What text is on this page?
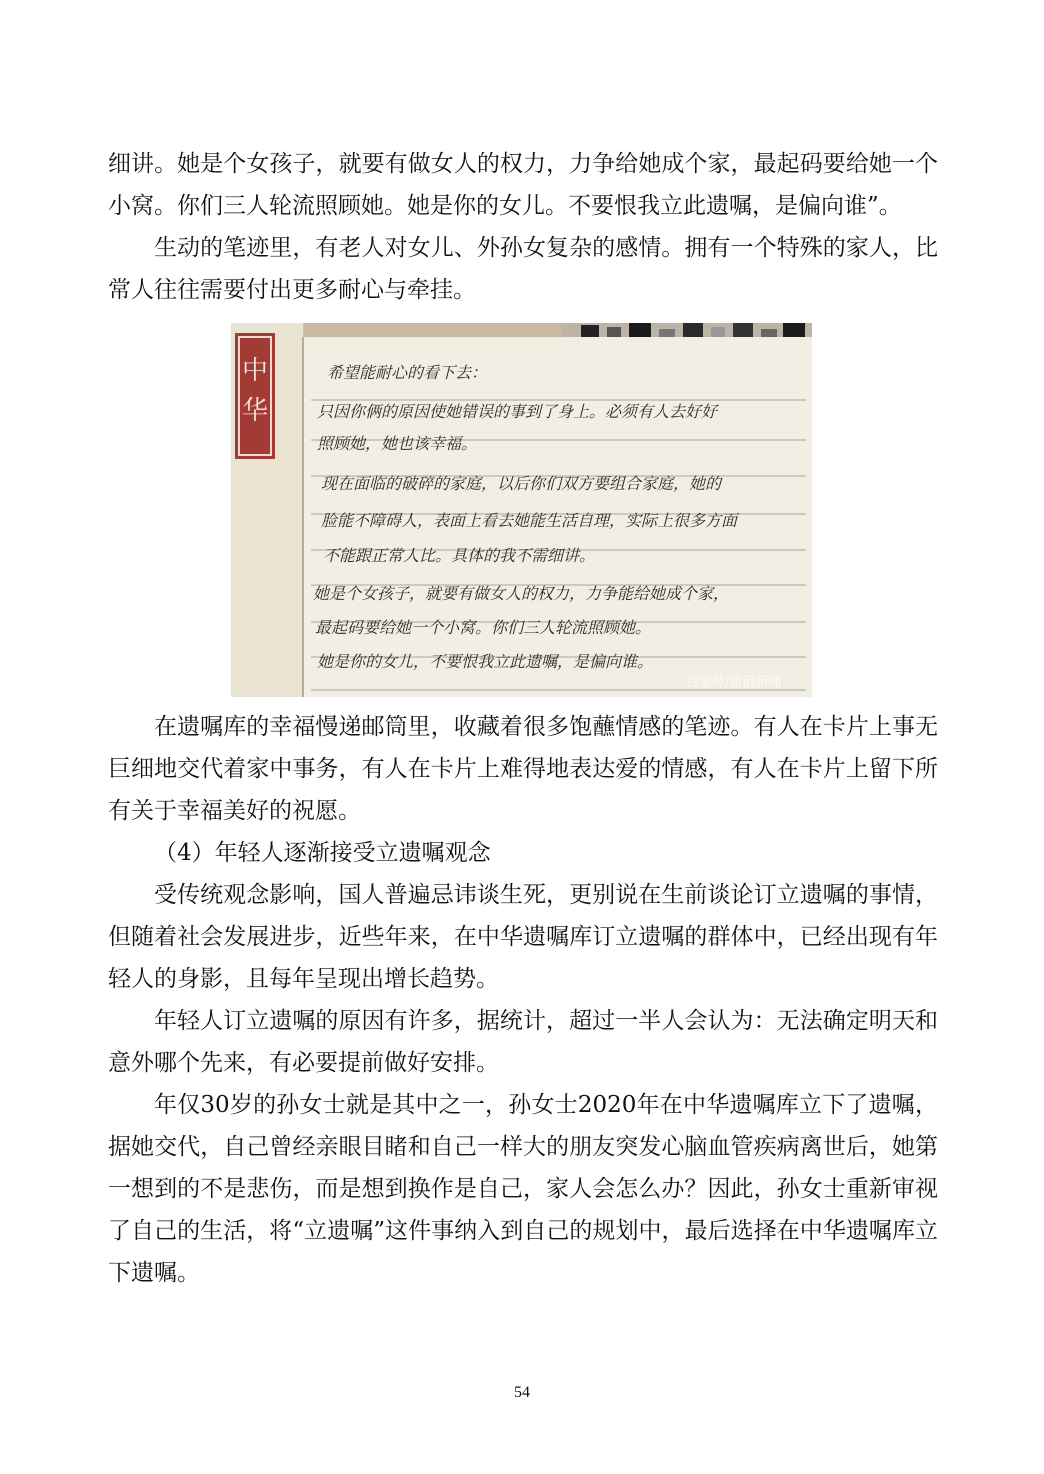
细讲。她是个女孩子，就要有做女人的权力，力争给她成个家，最起码要给她一个小窝。你们三人轮流照顾她。她是你的女儿。不要恨我立此遗嘱，是偏向谁”。

生动的笔迹里，有老人对女儿、外孙女复杂的感情。拥有一个特殊的家人，比常人往往需要付出更多耐心与牵挂。

中
华
希望能耐心的看下去：
只因你俩的原因使她错误的事到了身上。必须有人去好好
照顾她，她也该幸福。
现在面临的破碎的家庭，以后你们双方要组合家庭，她的
脸能不障碍人，表面上看去她能生活自理，实际上很多方面
不能跟正常人比。具体的我不需细讲。
她是个女孩子，就要有做女人的权力，力争能给她成个家，
最起码要给她一个小窝。你们三人轮流照顾她。
她是你的女儿，不要恨我立此遗嘱，是偏向谁。
百家号/新浪新闻

在遗嘱库的幸福慢递邮筒里，收藏着很多饱蘸情感的笔迹。有人在卡片上事无巨细地交代着家中事务，有人在卡片上难得地表达爱的情感，有人在卡片上留下所有关于幸福美好的祝愿。

（4）年轻人逐渐接受立遗嘱观念

受传统观念影响，国人普遍忌讳谈生死，更别说在生前谈论订立遗嘱的事情，但随着社会发展进步，近些年来，在中华遗嘱库订立遗嘱的群体中，已经出现有年轻人的身影，且每年呈现出增长趋势。

年轻人订立遗嘱的原因有许多，据统计，超过一半人会认为：无法确定明天和意外哪个先来，有必要提前做好安排。

年仅30岁的孙女士就是其中之一，孙女士2020年在中华遗嘱库立下了遗嘱，据她交代，自己曾经亲眼目睹和自己一样大的朋友突发心脑血管疾病离世后，她第一想到的不是悲伤，而是想到换作是自己，家人会怎么办？因此，孙女士重新审视了自己的生活，将“立遗嘱”这件事纳入到自己的规划中，最后选择在中华遗嘱库立下遗嘱。

54
